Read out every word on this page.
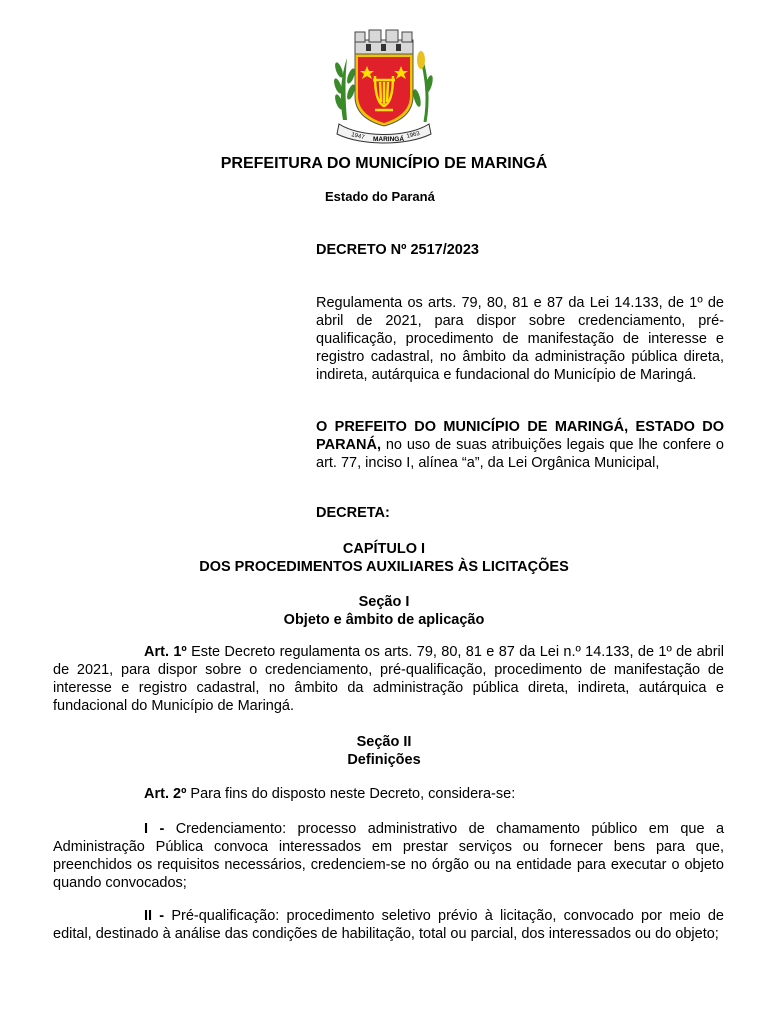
1947 MARINGÁ 1963
PREFEITURA DO MUNICÍPIO DE MARINGÁ
Estado do Paraná
DECRETO Nº 2517/2023
Regulamenta os arts. 79, 80, 81 e 87 da Lei 14.133, de 1º de abril de 2021, para dispor sobre credenciamento, pré-qualificação, procedimento de manifestação de interesse e registro cadastral, no âmbito da administração pública direta, indireta, autárquica e fundacional do Município de Maringá.
O PREFEITO DO MUNICÍPIO DE MARINGÁ, ESTADO DO PARANÁ, no uso de suas atribuições legais que lhe confere o art. 77, inciso I, alínea “a”, da Lei Orgânica Municipal,
DECRETA:
CAPÍTULO I
DOS PROCEDIMENTOS AUXILIARES ÀS LICITAÇÕES
Seção I
Objeto e âmbito de aplicação
Art. 1º Este Decreto regulamenta os arts. 79, 80, 81 e 87 da Lei n.º 14.133, de 1º de abril de 2021, para dispor sobre o credenciamento, pré-qualificação, procedimento de manifestação de interesse e registro cadastral, no âmbito da administração pública direta, indireta, autárquica e fundacional do Município de Maringá.
Seção II
Definições
Art. 2º Para fins do disposto neste Decreto, considera-se:
I - Credenciamento: processo administrativo de chamamento público em que a Administração Pública convoca interessados em prestar serviços ou fornecer bens para que, preenchidos os requisitos necessários, credenciem-se no órgão ou na entidade para executar o objeto quando convocados;
II - Pré-qualificação: procedimento seletivo prévio à licitação, convocado por meio de edital, destinado à análise das condições de habilitação, total ou parcial, dos interessados ou do objeto;
